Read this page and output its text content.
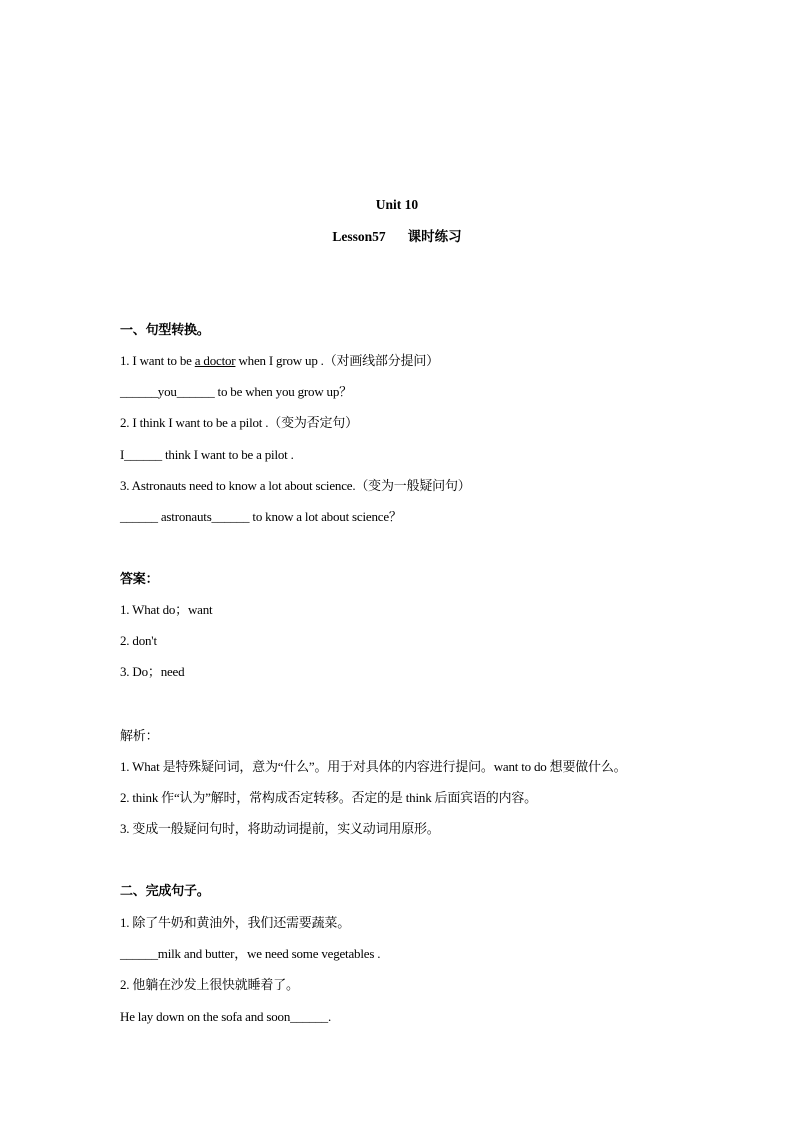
Unit 10
Lesson57 课时练习
一、句型转换。
1. I want to be a doctor when I grow up .（对画线部分提问）
______you______ to be when you grow up？
2. I think I want to be a pilot .（变为否定句）
I______ think I want to be a pilot .
3. Astronauts need to know a lot about science.（变为一般疑问句）
______ astronauts______ to know a lot about science？
答案：
1. What do；want
2. don't
3. Do；need
解析：
1. What 是特殊疑问词，意为“什么”。用于对具体的内容进行提问。want to do 想要做什么。
2. think 作“认为”解时，常构成否定转移。否定的是 think 后面宾语的内容。
3. 变成一般疑问句时，将助动词提前，实义动词用原形。
二、完成句子。
1. 除了牛奶和黄油外，我们还需要蔬菜。
______milk and butter，we need some vegetables .
2. 他躺在沙发上很快就睡着了。
He lay down on the sofa and soon______.
